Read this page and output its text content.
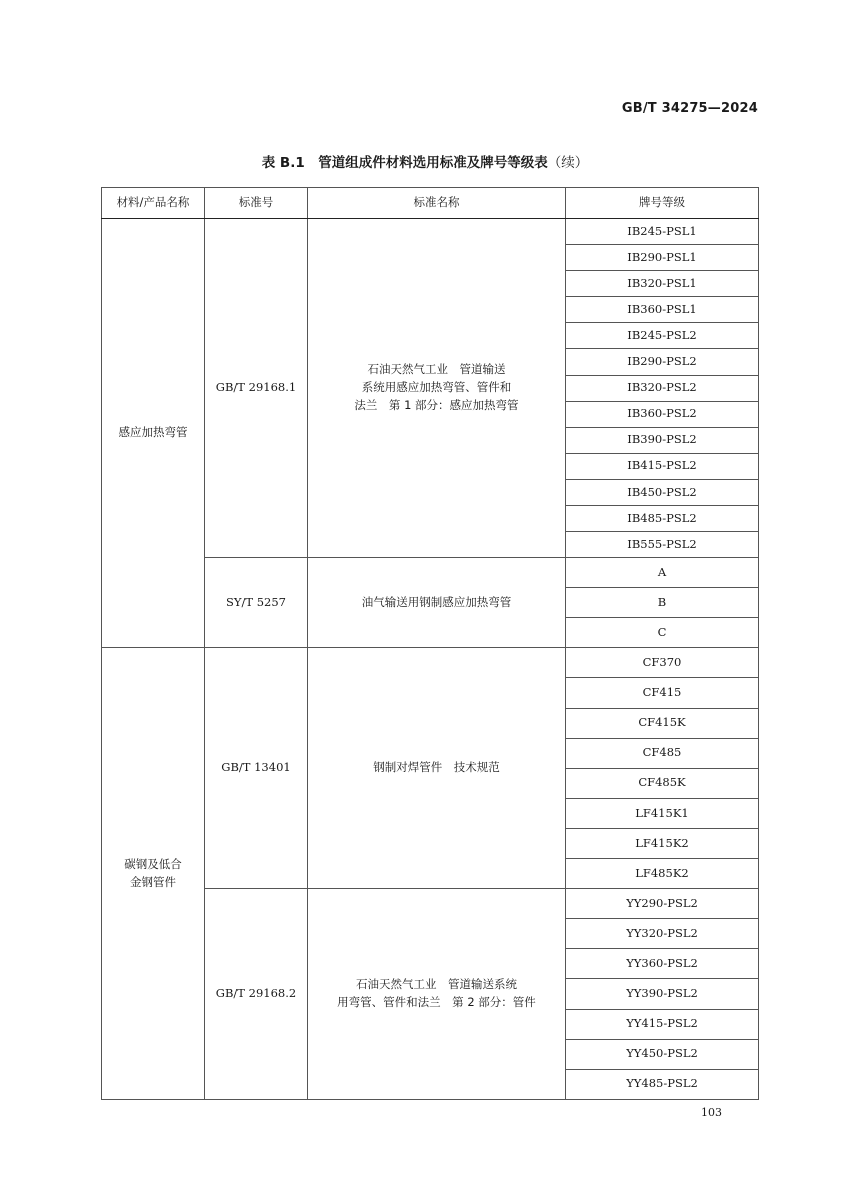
GB/T 34275—2024
表 B.1　管道组成件材料选用标准及牌号等级表（续）
材料/产品名称	标准号	标准名称	牌号等级
感应加热弯管	GB/T 29168.1	石油天然气工业　管道输送
系统用感应加热弯管、管件和
法兰　第 1 部分：感应加热弯管	IB245-PSL1
			IB290-PSL1
			IB320-PSL1
			IB360-PSL1
			IB245-PSL2
			IB290-PSL2
			IB320-PSL2
			IB360-PSL2
			IB390-PSL2
			IB415-PSL2
			IB450-PSL2
			IB485-PSL2
			IB555-PSL2
	SY/T 5257	油气输送用钢制感应加热弯管	A
			B
			C
碳钢及低合
金钢管件	GB/T 13401	钢制对焊管件　技术规范	CF370
			CF415
			CF415K
			CF485
			CF485K
			LF415K1
			LF415K2
			LF485K2
	GB/T 29168.2	石油天然气工业　管道输送系统
用弯管、管件和法兰　第 2 部分：管件	YY290-PSL2
			YY320-PSL2
			YY360-PSL2
			YY390-PSL2
			YY415-PSL2
			YY450-PSL2
			YY485-PSL2
103
